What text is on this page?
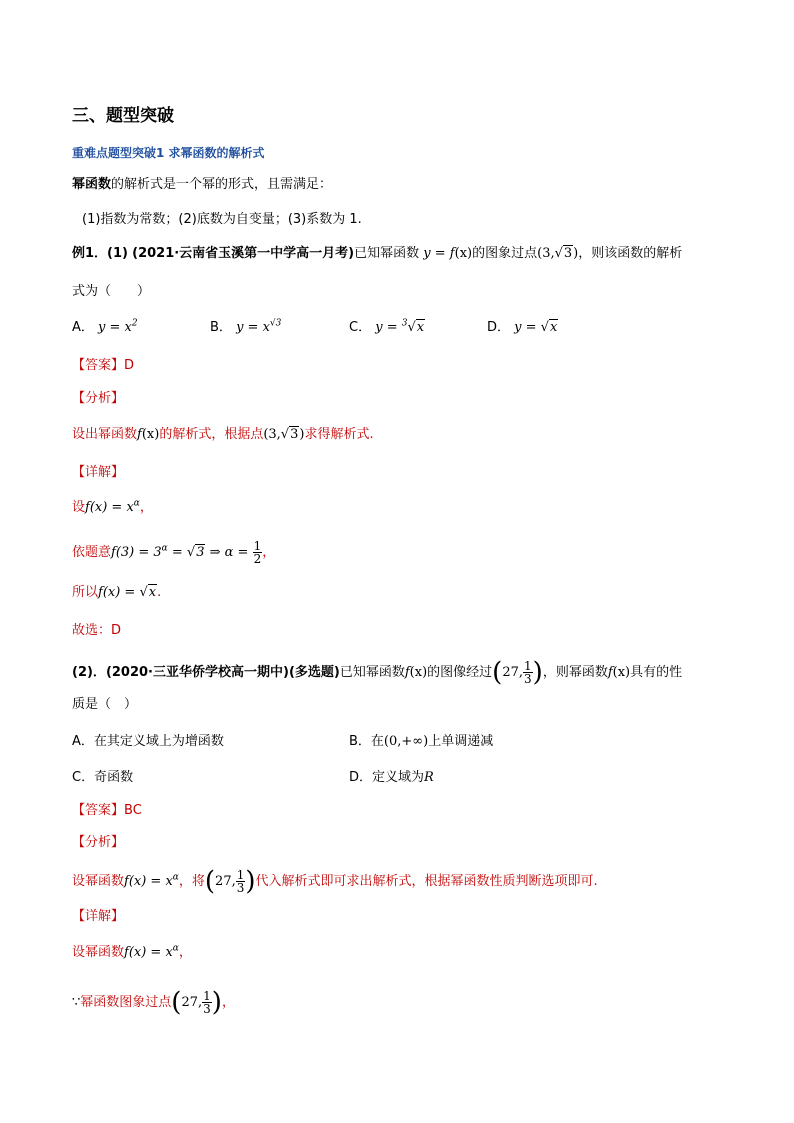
三、题型突破
重难点题型突破1 求幂函数的解析式
幂函数的解析式是一个幂的形式，且需满足：
(1)指数为常数；(2)底数为自变量；(3)系数为 1.
例1．(1) (2021·云南省玉溪第一中学高一月考)已知幂函数 y = f(x)的图象过点(3,√3)，则该函数的解析
式为（　　）
A． $y = x^2$	B． $y = x^{√3}$	C． y = $^3$√x	D． y = √x
【答案】D
【分析】
设出幂函数f(x)的解析式，根据点(3,√3)求得解析式.
【详解】
设$f(x) = x^\alpha$，
依题意$f(3) = 3^\alpha = √3$ ⇒ $\alpha = \frac{1}{2}$ ，
所以f(x) = √x.
故选：D
(2)．(2020·三亚华侨学校高一期中)(多选题)已知幂函数f(x)的图像经过(27, $\frac{1}{3}$ )，则幂函数f(x)具有的性
质是（　）
A．在其定义域上为增函数	B．在(0,+∞)上单调递减
C．奇函数	D．定义域为R
【答案】BC
【分析】
设幂函数$f(x) = x^\alpha$，将(27, $\frac{1}{3}$ )代入解析式即可求出解析式，根据幂函数性质判断选项即可.
【详解】
设幂函数$f(x) = x^\alpha$，
∵幂函数图象过点(27, $\frac{1}{3}$ )，
